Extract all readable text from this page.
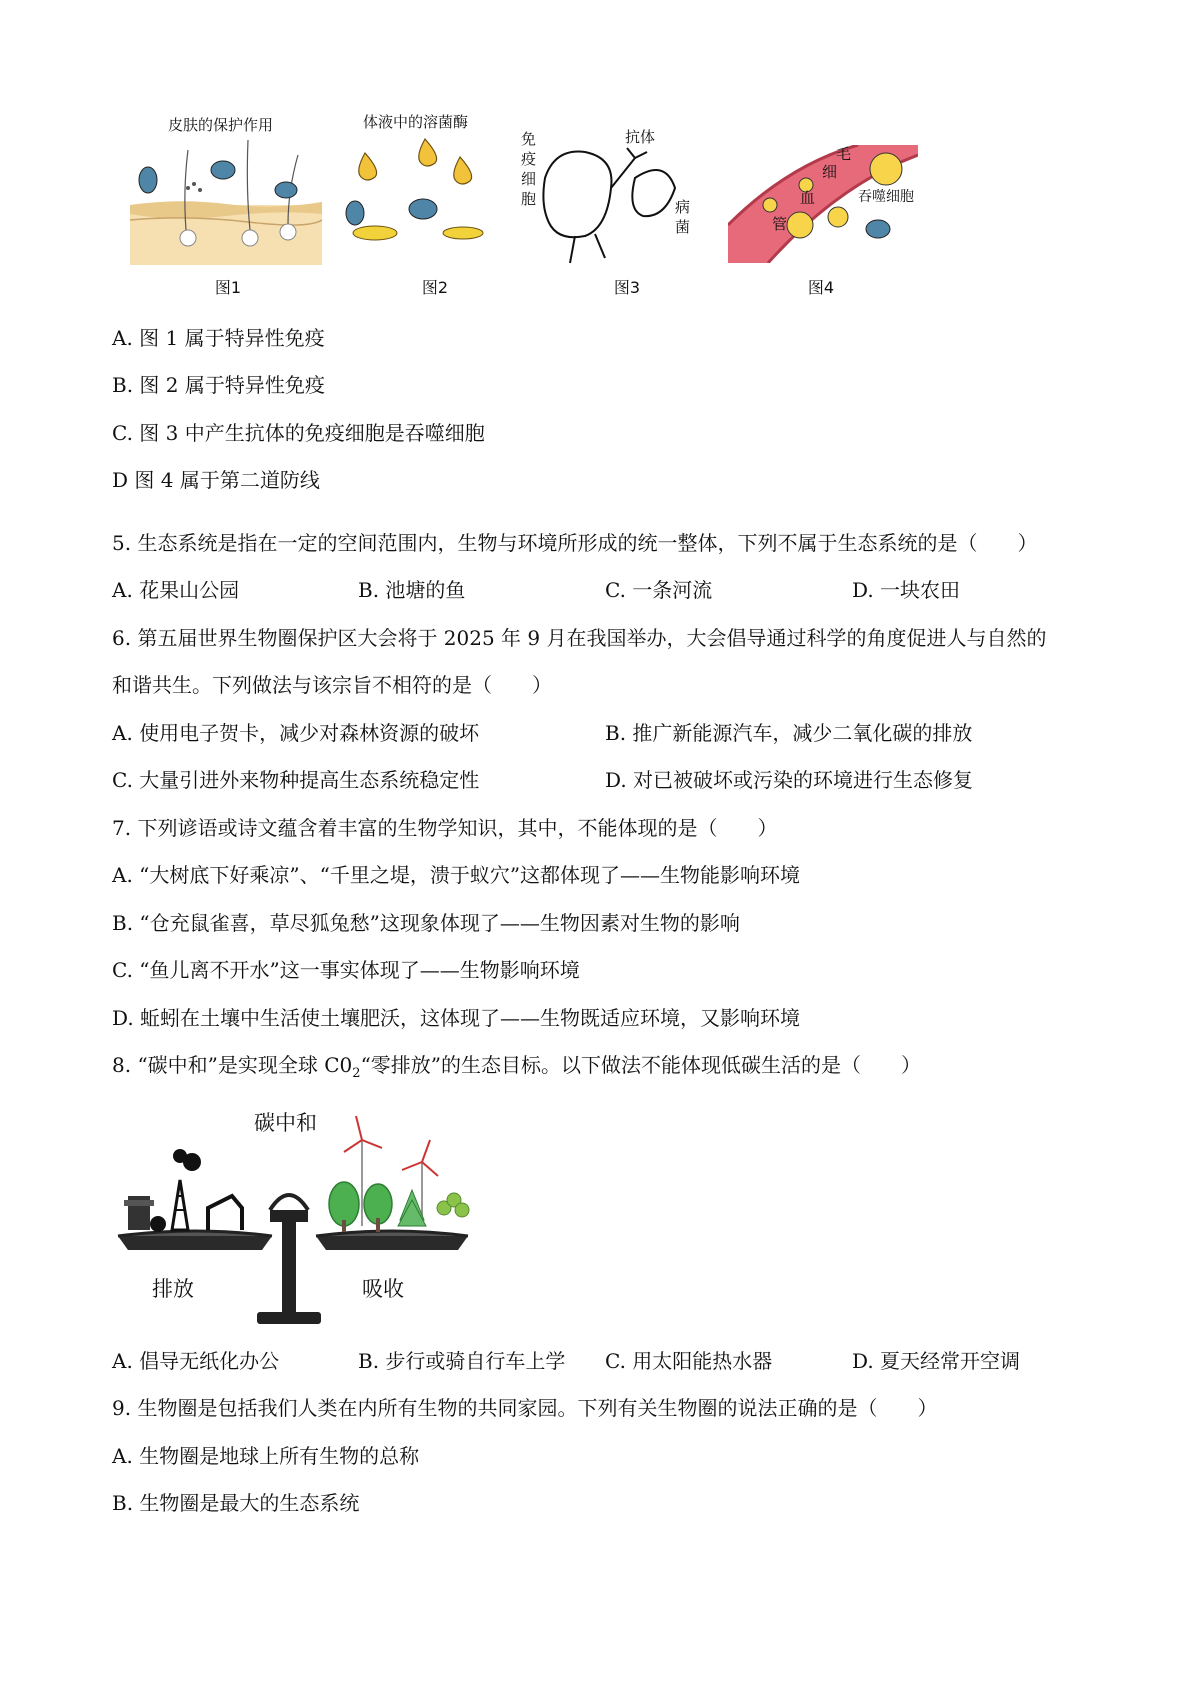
皮肤的保护作用
图1
体液中的溶菌酶
图2
免
疫
细
胞
抗体
病
菌
图3
毛
细
血
管
吞噬细胞
图4
A. 图 1 属于特异性免疫
B. 图 2 属于特异性免疫
C. 图 3 中产生抗体的免疫细胞是吞噬细胞
D 图 4 属于第二道防线
5. 生态系统是指在一定的空间范围内，生物与环境所形成的统一整体，下列不属于生态系统的是（　　）
A. 花果山公园	B. 池塘的鱼	C. 一条河流	D. 一块农田
6. 第五届世界生物圈保护区大会将于 2025 年 9 月在我国举办，大会倡导通过科学的角度促进人与自然的
和谐共生。下列做法与该宗旨不相符的是（　　）
A. 使用电子贺卡，减少对森林资源的破坏	B. 推广新能源汽车，减少二氧化碳的排放
C. 大量引进外来物种提高生态系统稳定性	D. 对已被破坏或污染的环境进行生态修复
7. 下列谚语或诗文蕴含着丰富的生物学知识，其中，不能体现的是（　　）
A. “大树底下好乘凉”、“千里之堤，溃于蚁穴”这都体现了——生物能影响环境
B. “仓充鼠雀喜，草尽狐兔愁”这现象体现了——生物因素对生物的影响
C. “鱼儿离不开水”这一事实体现了——生物影响环境
D. 蚯蚓在土壤中生活使土壤肥沃，这体现了——生物既适应环境，又影响环境
8. “碳中和”是实现全球 $C0_2“$零排放”的生态目标。以下做法不能体现低碳生活的是（　　）
碳中和
排放	吸收
A. 倡导无纸化办公	B. 步行或骑自行车上学 C. 用太阳能热水器	D. 夏天经常开空调
9. 生物圈是包括我们人类在内所有生物的共同家园。下列有关生物圈的说法正确的是（　　）
A. 生物圈是地球上所有生物的总称
B. 生物圈是最大的生态系统
